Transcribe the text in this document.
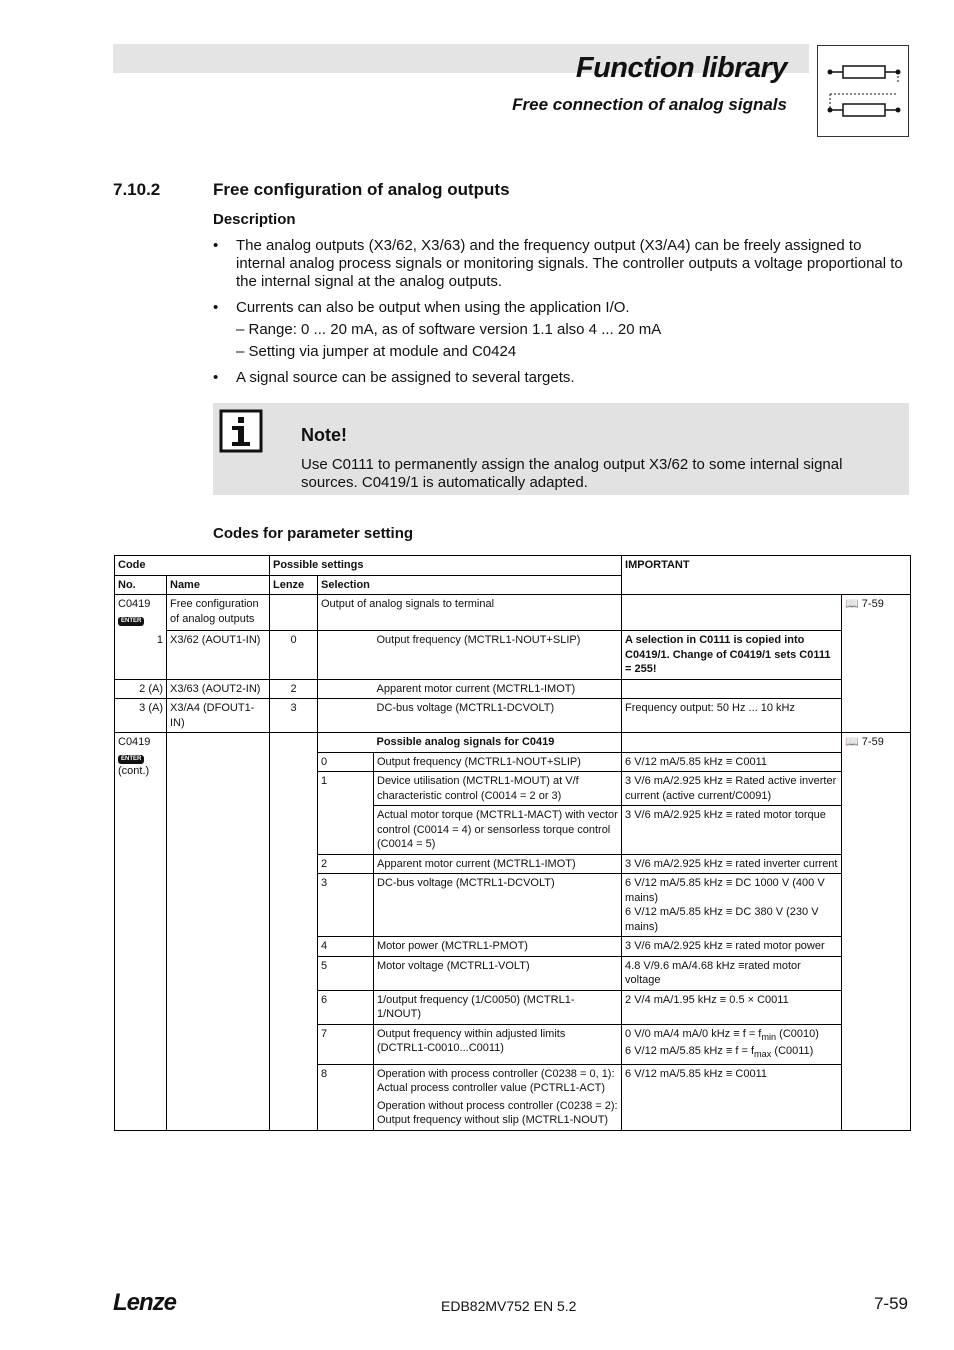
Function library
Free connection of analog signals
7.10.2	Free configuration of analog outputs
Description
• The analog outputs (X3/62, X3/63) and the frequency output (X3/A4) can be freely assigned to internal analog process signals or monitoring signals. The controller outputs a voltage proportional to the internal signal at the analog outputs.
• Currents can also be output when using the application I/O.
– Range: 0 ... 20 mA, as of software version 1.1 also 4 ... 20 mA
– Setting via jumper at module and C0424
• A signal source can be assigned to several targets.
Note!
Use C0111 to permanently assign the analog output X3/62 to some internal signal sources. C0419/1 is automatically adapted.
Codes for parameter setting
Code		Possible settings			IMPORTANT	
No.	Name	Lenze	Selection			

C0419
ENTER	Free configuration of analog outputs		Output of analog signals to terminal			📖 7-59
1	X3/62 (AOUT1-IN)	0		Output frequency (MCTRL1-NOUT+SLIP)	A selection in C0111 is copied into C0419/1. Change of C0419/1 sets C0111 = 255!	
2 (A)	X3/63 (AOUT2-IN)	2		Apparent motor current (MCTRL1-IMOT)		
3 (A)	X3/A4 (DFOUT1-IN)	3		DC-bus voltage (MCTRL1-DCVOLT)	Frequency output: 50 Hz ... 10 kHz	

C0419
ENTER
(cont.)				Possible analog signals for C0419		📖 7-59
			0	Output frequency (MCTRL1-NOUT+SLIP)	6 V/12 mA/5.85 kHz ≡ C0011	
			1	Device utilisation (MCTRL1-MOUT) at V/f characteristic control (C0014 = 2 or 3)	3 V/6 mA/2.925 kHz ≡ Rated active inverter current (active current/C0091)	
				Actual motor torque (MCTRL1-MACT) with vector control (C0014 = 4) or sensorless torque control (C0014 = 5)	3 V/6 mA/2.925 kHz ≡ rated motor torque	
			2	Apparent motor current (MCTRL1-IMOT)	3 V/6 mA/2.925 kHz ≡ rated inverter current	
			3	DC-bus voltage (MCTRL1-DCVOLT)	6 V/12 mA/5.85 kHz ≡ DC 1000 V (400 V mains)
6 V/12 mA/5.85 kHz ≡ DC 380 V (230 V mains)	

			4	Motor power (MCTRL1-PMOT)	3 V/6 mA/2.925 kHz ≡ rated motor power	
			5	Motor voltage (MCTRL1-VOLT)	4.8 V/9.6 mA/4.68 kHz ≡rated motor voltage	
			6	1/output frequency (1/C0050) (MCTRL1-1/NOUT)	2 V/4 mA/1.95 kHz ≡ 0.5 × C0011	
			7	Output frequency within adjusted limits (DCTRL1-C0010...C0011)	0 V/0 mA/4 mA/0 kHz ≡ $f = f_{min}$ (C0010)
6 V/12 mA/5.85 kHz ≡ $f = f_{max}$ (C0011)	

			8	Operation with process controller (C0238 = 0, 1): Actual process controller value (PCTRL1-ACT)
Operation without process controller (C0238 = 2):
Output frequency without slip (MCTRL1-NOUT)	6 V/12 mA/5.85 kHz ≡ C0011	
Lenze	EDB82MV752 EN 5.2	7-59
